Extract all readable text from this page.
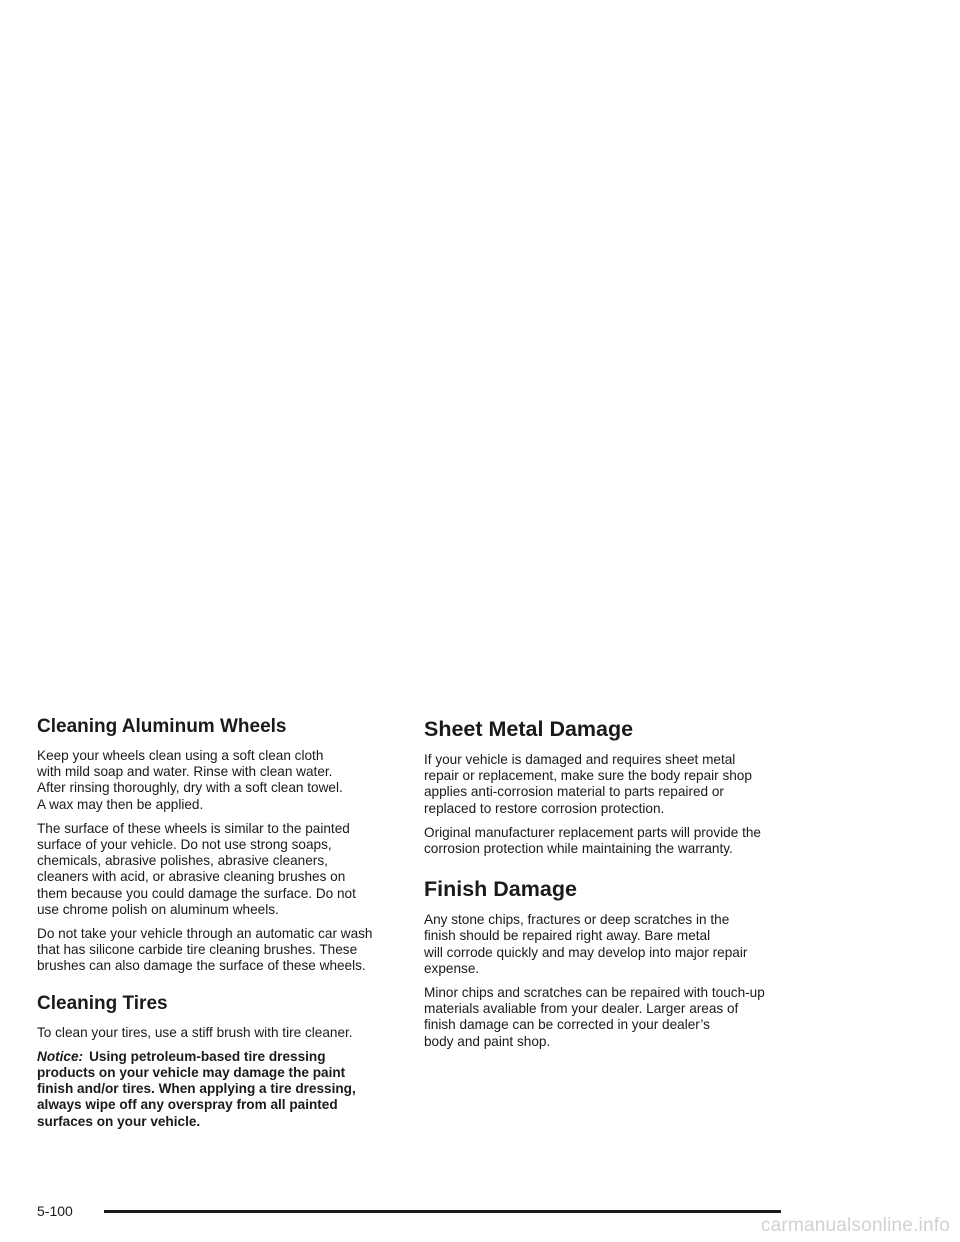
Cleaning Aluminum Wheels

Keep your wheels clean using a soft clean cloth
with mild soap and water. Rinse with clean water.
After rinsing thoroughly, dry with a soft clean towel.
A wax may then be applied.

The surface of these wheels is similar to the painted
surface of your vehicle. Do not use strong soaps,
chemicals, abrasive polishes, abrasive cleaners,
cleaners with acid, or abrasive cleaning brushes on
them because you could damage the surface. Do not
use chrome polish on aluminum wheels.

Do not take your vehicle through an automatic car wash
that has silicone carbide tire cleaning brushes. These
brushes can also damage the surface of these wheels.

Cleaning Tires

To clean your tires, use a stiff brush with tire cleaner.

Notice: Using petroleum-based tire dressing
products on your vehicle may damage the paint
finish and/or tires. When applying a tire dressing,
always wipe off any overspray from all painted
surfaces on your vehicle.

Sheet Metal Damage

If your vehicle is damaged and requires sheet metal
repair or replacement, make sure the body repair shop
applies anti-corrosion material to parts repaired or
replaced to restore corrosion protection.

Original manufacturer replacement parts will provide the
corrosion protection while maintaining the warranty.

Finish Damage

Any stone chips, fractures or deep scratches in the
finish should be repaired right away. Bare metal
will corrode quickly and may develop into major repair
expense.

Minor chips and scratches can be repaired with touch-up
materials avaliable from your dealer. Larger areas of
finish damage can be corrected in your dealer’s
body and paint shop.

5-100
carmanualsonline.info
